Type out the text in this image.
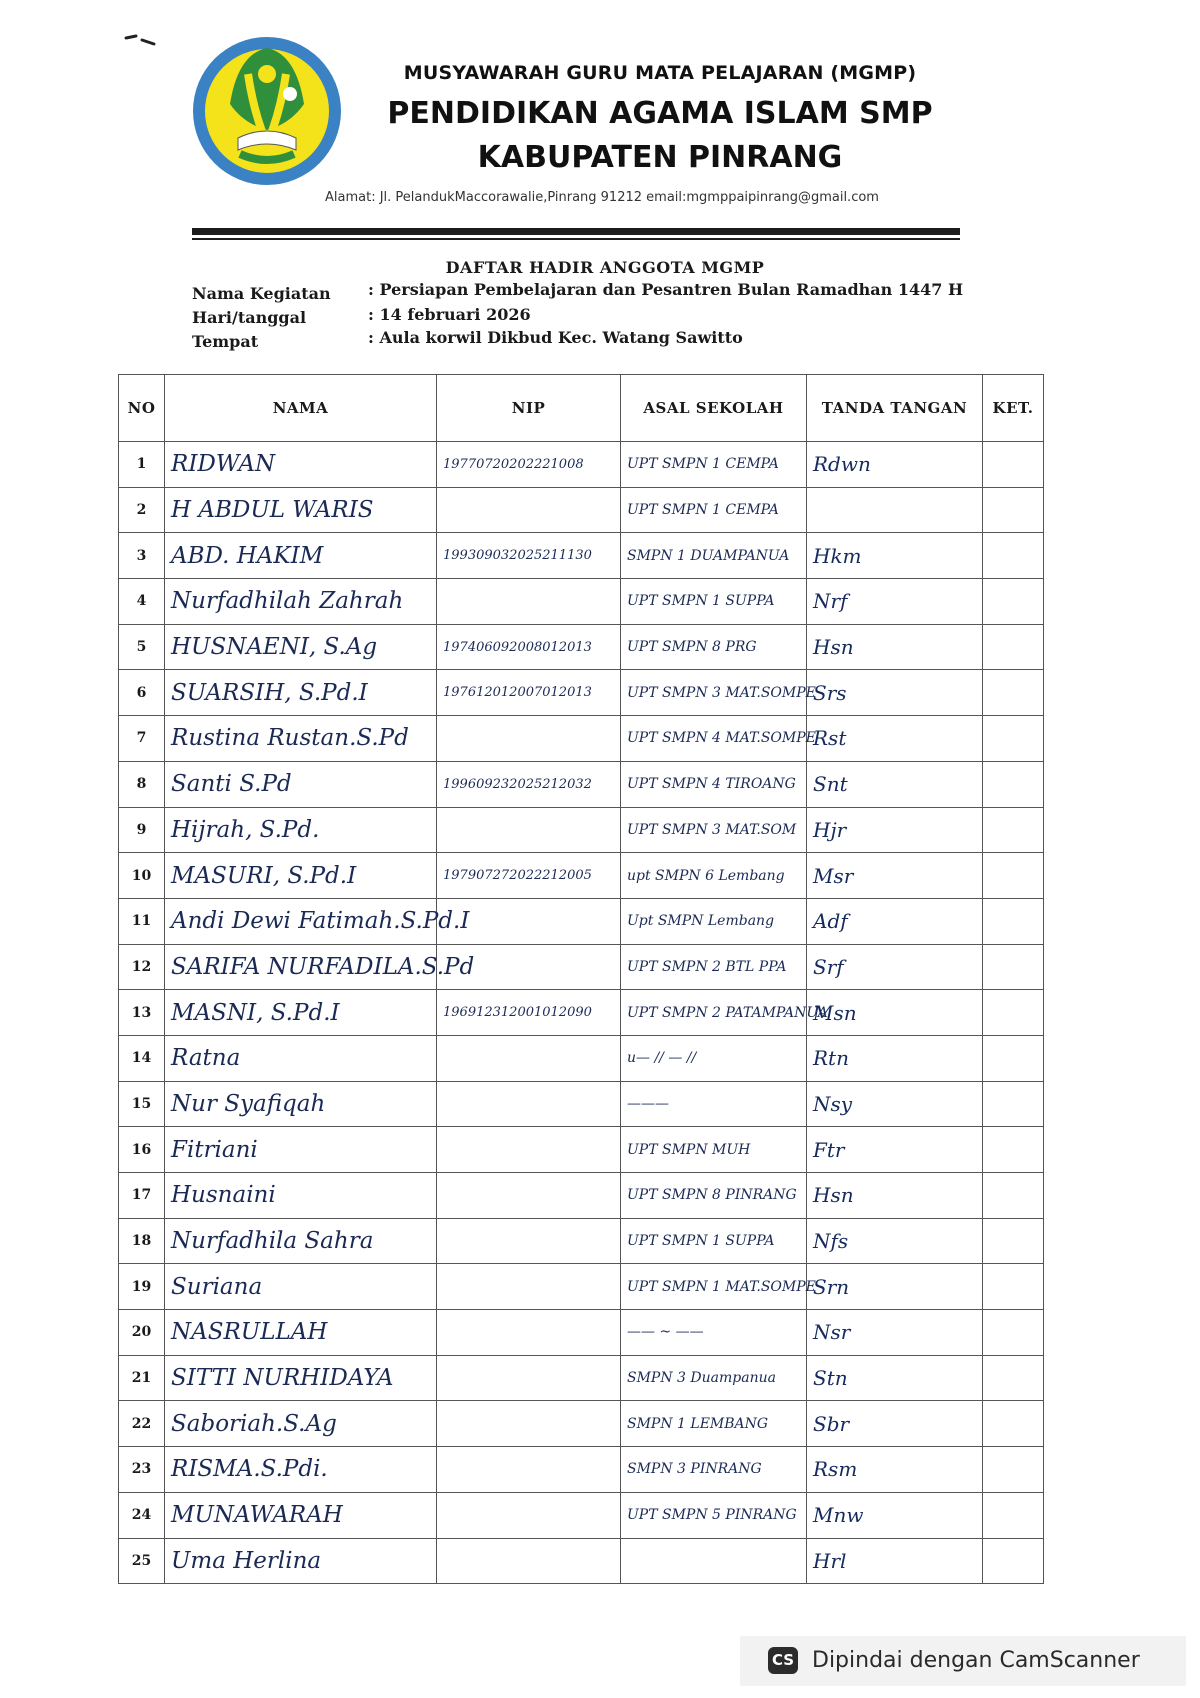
MUSYAWARAH GURU MATA PELAJARAN (MGMP)
PENDIDIKAN AGAMA ISLAM SMP
KABUPATEN PINRANG
Alamat: Jl. PelandukMaccorawalie,Pinrang 91212 email:mgmppaipinrang@gmail.com
DAFTAR HADIR ANGGOTA MGMP
Nama Kegiatan : Persiapan Pembelajaran dan Pesantren Bulan Ramadhan 1447 H
Hari/tanggal	: 14 februari 2026
Tempat	: Aula korwil Dikbud Kec. Watang Sawitto
NO	NAMA	NIP	ASAL SEKOLAH	TANDA TANGAN	KET.
1	RIDWAN	19770720202221008	UPT SMPN 1 CEMPA	Rdwn	
2	H ABDUL WARIS		UPT SMPN 1 CEMPA		
3	ABD. HAKIM	199309032025211130	SMPN 1 DUAMPANUA	Hkm	
4	Nurfadhilah Zahrah		UPT SMPN 1 SUPPA	Nrf	
5	HUSNAENI, S.Ag	197406092008012013	UPT SMPN 8 PRG	Hsn	
6	SUARSIH, S.Pd.I	197612012007012013	UPT SMPN 3 MAT.SOMPE	Srs	
7	Rustina Rustan.S.Pd		UPT SMPN 4 MAT.SOMPE	Rst	
8	Santi S.Pd	199609232025212032	UPT SMPN 4 TIROANG	Snt	
9	Hijrah, S.Pd.		UPT SMPN 3 MAT.SOM	Hjr	
10	MASURI, S.Pd.I	197907272022212005	upt SMPN 6 Lembang	Msr	
11	Andi Dewi Fatimah.S.Pd.I		Upt SMPN Lembang	Adf	
12	SARIFA NURFADILA.S.Pd		UPT SMPN 2 BTL PPA	Srf	
13	MASNI, S.Pd.I	196912312001012090	UPT SMPN 2 PATAMPANUA	Msn	
14	Ratna		u— // — //	Rtn	
15	Nur Syafiqah		———	Nsy	
16	Fitriani		UPT SMPN MUH	Ftr	
17	Husnaini		UPT SMPN 8 PINRANG	Hsn	
18	Nurfadhila Sahra		UPT SMPN 1 SUPPA	Nfs	
19	Suriana		UPT SMPN 1 MAT.SOMPE	Srn	
20	NASRULLAH		—— ~ ——	Nsr	
21	SITTI NURHIDAYA		SMPN 3 Duampanua	Stn	
22	Saboriah.S.Ag		SMPN 1 LEMBANG	Sbr	
23	RISMA.S.Pdi.		SMPN 3 PINRANG	Rsm	
24	MUNAWARAH		UPT SMPN 5 PINRANG	Mnw	
25	Uma Herlina			Hrl	
CS Dipindai dengan CamScanner
